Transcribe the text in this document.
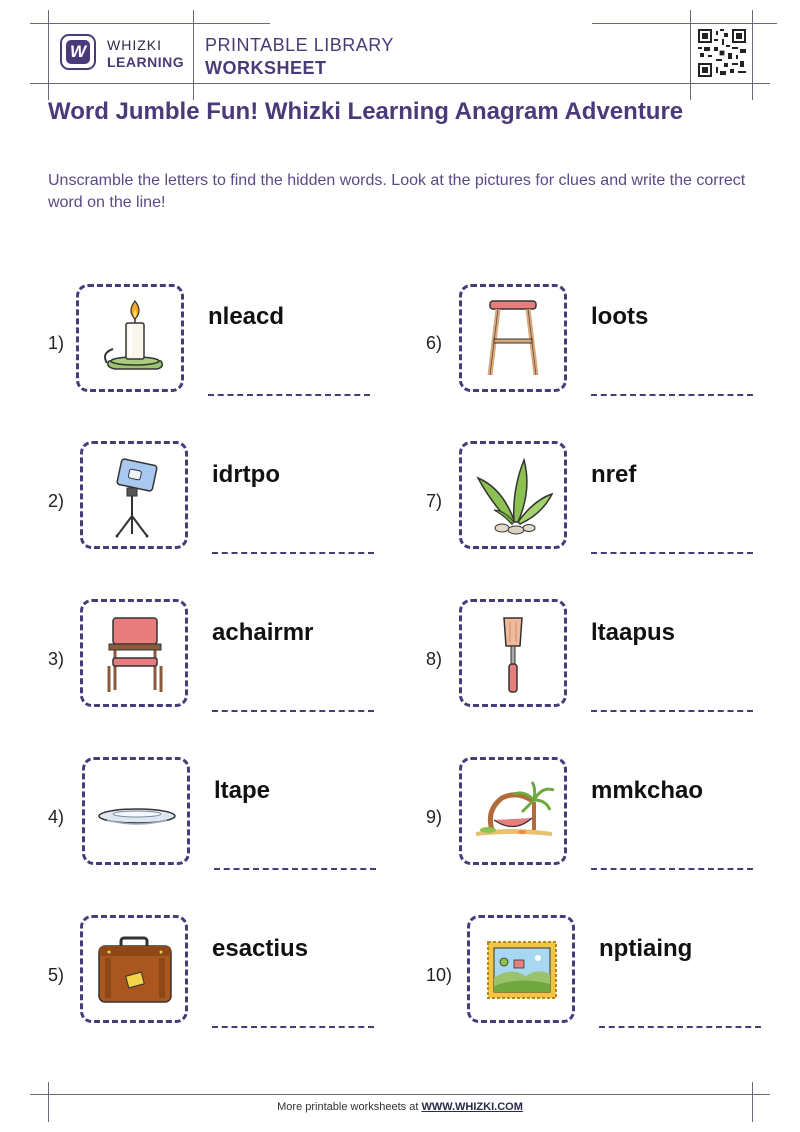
W WHIZKI
LEARNING
PRINTABLE LIBRARY
WORKSHEET
Word Jumble Fun! Whizki Learning Anagram Adventure
Unscramble the letters to find the hidden words. Look at the pictures for clues and write the correct word on the line!
1)
nleacd
2)
idrtpo
3)
achairmr
4)
ltape
5)
esactius
6)
loots
7)
nref
8)
ltaapus
9)
mmkchao
10)
nptiaing
More printable worksheets at WWW.WHIZKI.COM
